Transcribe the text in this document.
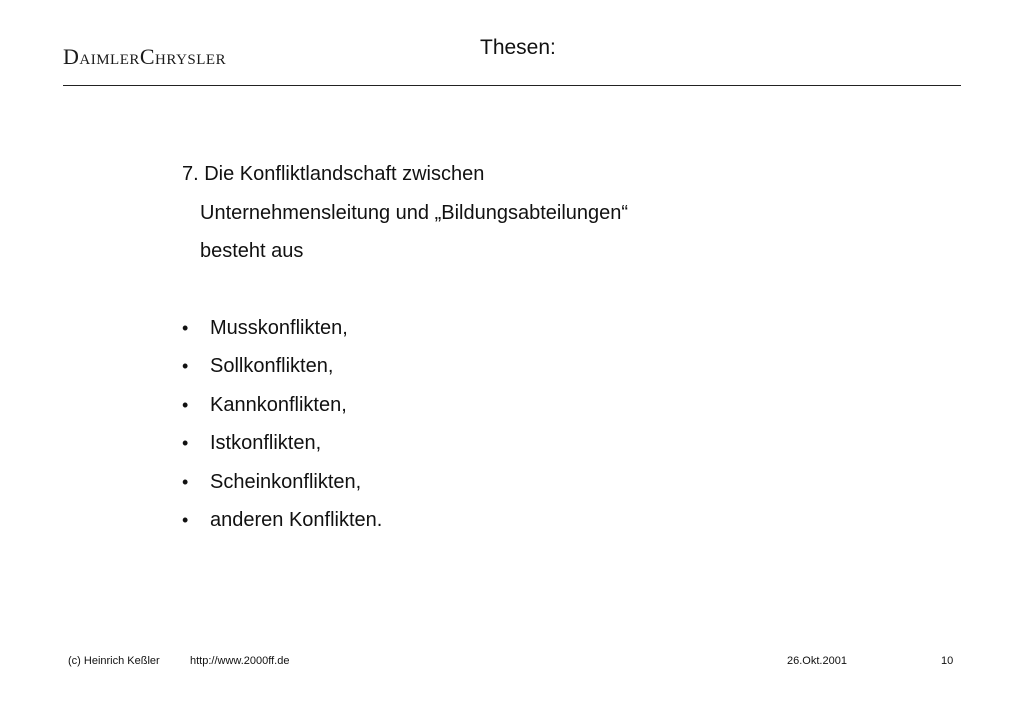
DaimlerChrysler	Thesen:
7. Die Konfliktlandschaft zwischen
Unternehmensleitung und „Bildungsabteilungen“
besteht aus
• Musskonflikten,
• Sollkonflikten,
• Kannkonflikten,
• Istkonflikten,
• Scheinkonflikten,
• anderen Konflikten.
(c) Heinrich Keßler	http://www.2000ff.de	26.Okt.2001	10
